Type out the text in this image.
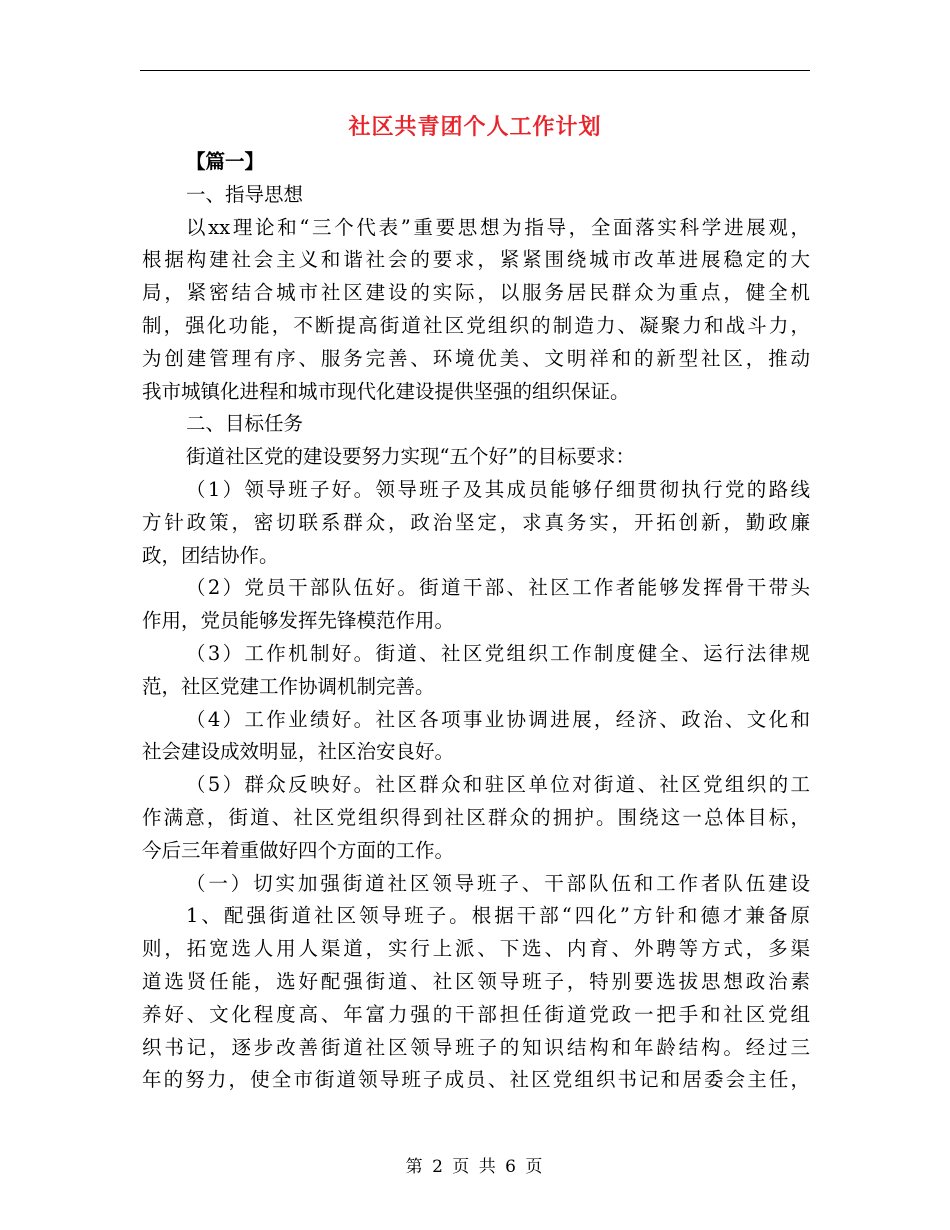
社区共青团个人工作计划
【篇一】
一、指导思想
以xx理论和“三个代表”重要思想为指导，全面落实科学进展观，
根据构建社会主义和谐社会的要求，紧紧围绕城市改革进展稳定的大
局，紧密结合城市社区建设的实际，以服务居民群众为重点，健全机
制，强化功能，不断提高街道社区党组织的制造力、凝聚力和战斗力，
为创建管理有序、服务完善、环境优美、文明祥和的新型社区，推动
我市城镇化进程和城市现代化建设提供坚强的组织保证。
二、目标任务
街道社区党的建设要努力实现“五个好”的目标要求：
（1）领导班子好。领导班子及其成员能够仔细贯彻执行党的路线
方针政策，密切联系群众，政治坚定，求真务实，开拓创新，勤政廉
政，团结协作。
（2）党员干部队伍好。街道干部、社区工作者能够发挥骨干带头
作用，党员能够发挥先锋模范作用。
（3）工作机制好。街道、社区党组织工作制度健全、运行法律规
范，社区党建工作协调机制完善。
（4）工作业绩好。社区各项事业协调进展，经济、政治、文化和
社会建设成效明显，社区治安良好。
（5）群众反映好。社区群众和驻区单位对街道、社区党组织的工
作满意，街道、社区党组织得到社区群众的拥护。围绕这一总体目标，
今后三年着重做好四个方面的工作。
（一）切实加强街道社区领导班子、干部队伍和工作者队伍建设
1、配强街道社区领导班子。根据干部“四化”方针和德才兼备原
则，拓宽选人用人渠道，实行上派、下选、内育、外聘等方式，多渠
道选贤任能，选好配强街道、社区领导班子，特别要选拔思想政治素
养好、文化程度高、年富力强的干部担任街道党政一把手和社区党组
织书记，逐步改善街道社区领导班子的知识结构和年龄结构。经过三
年的努力，使全市街道领导班子成员、社区党组织书记和居委会主任，
第 2 页 共 6 页
